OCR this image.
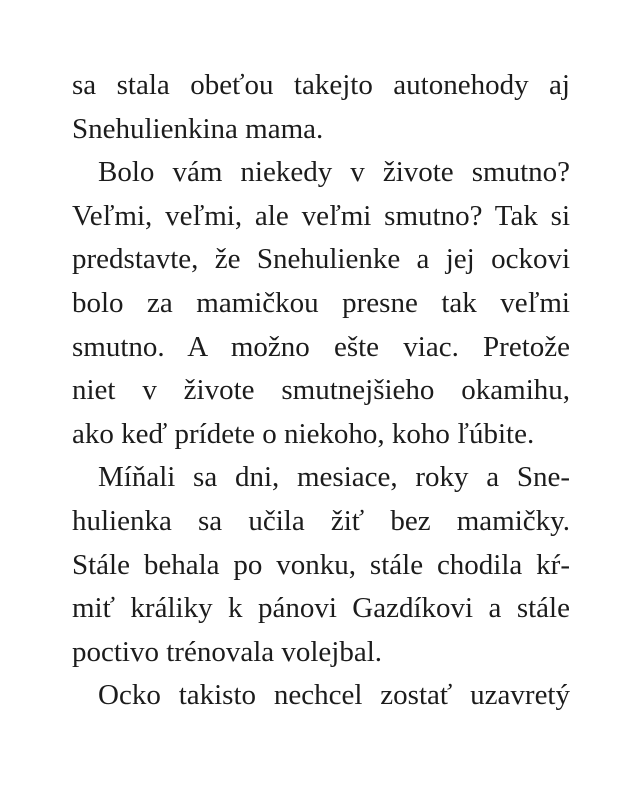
sa stala obeťou takejto autonehody aj
Snehulienkina mama.
Bolo vám niekedy v živote smutno?
Veľmi, veľmi, ale veľmi smutno? Tak si
predstavte, že Snehulienke a jej ockovi
bolo za mamičkou presne tak veľmi
smutno. A možno ešte viac. Pretože
niet v živote smutnejšieho okamihu,
ako keď prídete o niekoho, koho ľúbite.
Míňali sa dni, mesiace, roky a Sne-
hulienka sa učila žiť bez mamičky.
Stále behala po vonku, stále chodila kŕ-
miť králiky k pánovi Gazdíkovi a stále
poctivo trénovala volejbal.
Ocko takisto nechcel zostať uzavretý
